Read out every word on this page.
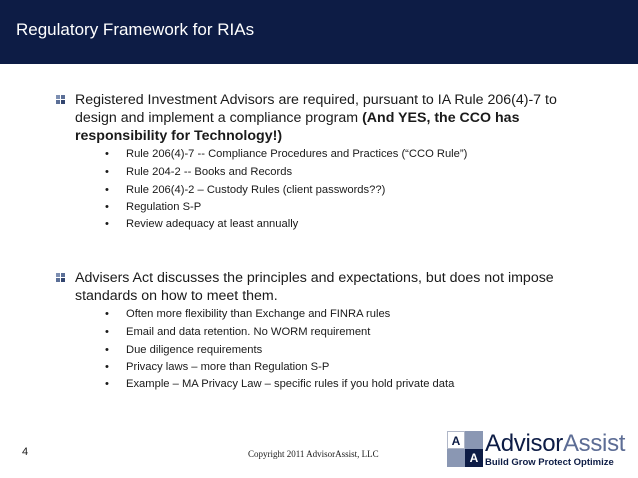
Regulatory Framework for RIAs
Registered Investment Advisors are required, pursuant to IA Rule 206(4)-7 to design and implement a compliance program (And YES, the CCO has responsibility for Technology!)
• Rule 206(4)-7 -- Compliance Procedures and Practices (“CCO Rule”)
• Rule 204-2 -- Books and Records
• Rule 206(4)-2 – Custody Rules (client passwords??)
• Regulation S-P
• Review adequacy at least annually
Advisers Act discusses the principles and expectations, but does not impose standards on how to meet them.
• Often more flexibility than Exchange and FINRA rules
• Email and data retention. No WORM requirement
• Due diligence requirements
• Privacy laws – more than Regulation S-P
• Example – MA Privacy Law – specific rules if you hold private data
4	Copyright 2011 AdvisorAssist, LLC
A
A
AdvisorAssist
Build Grow Protect Optimize
